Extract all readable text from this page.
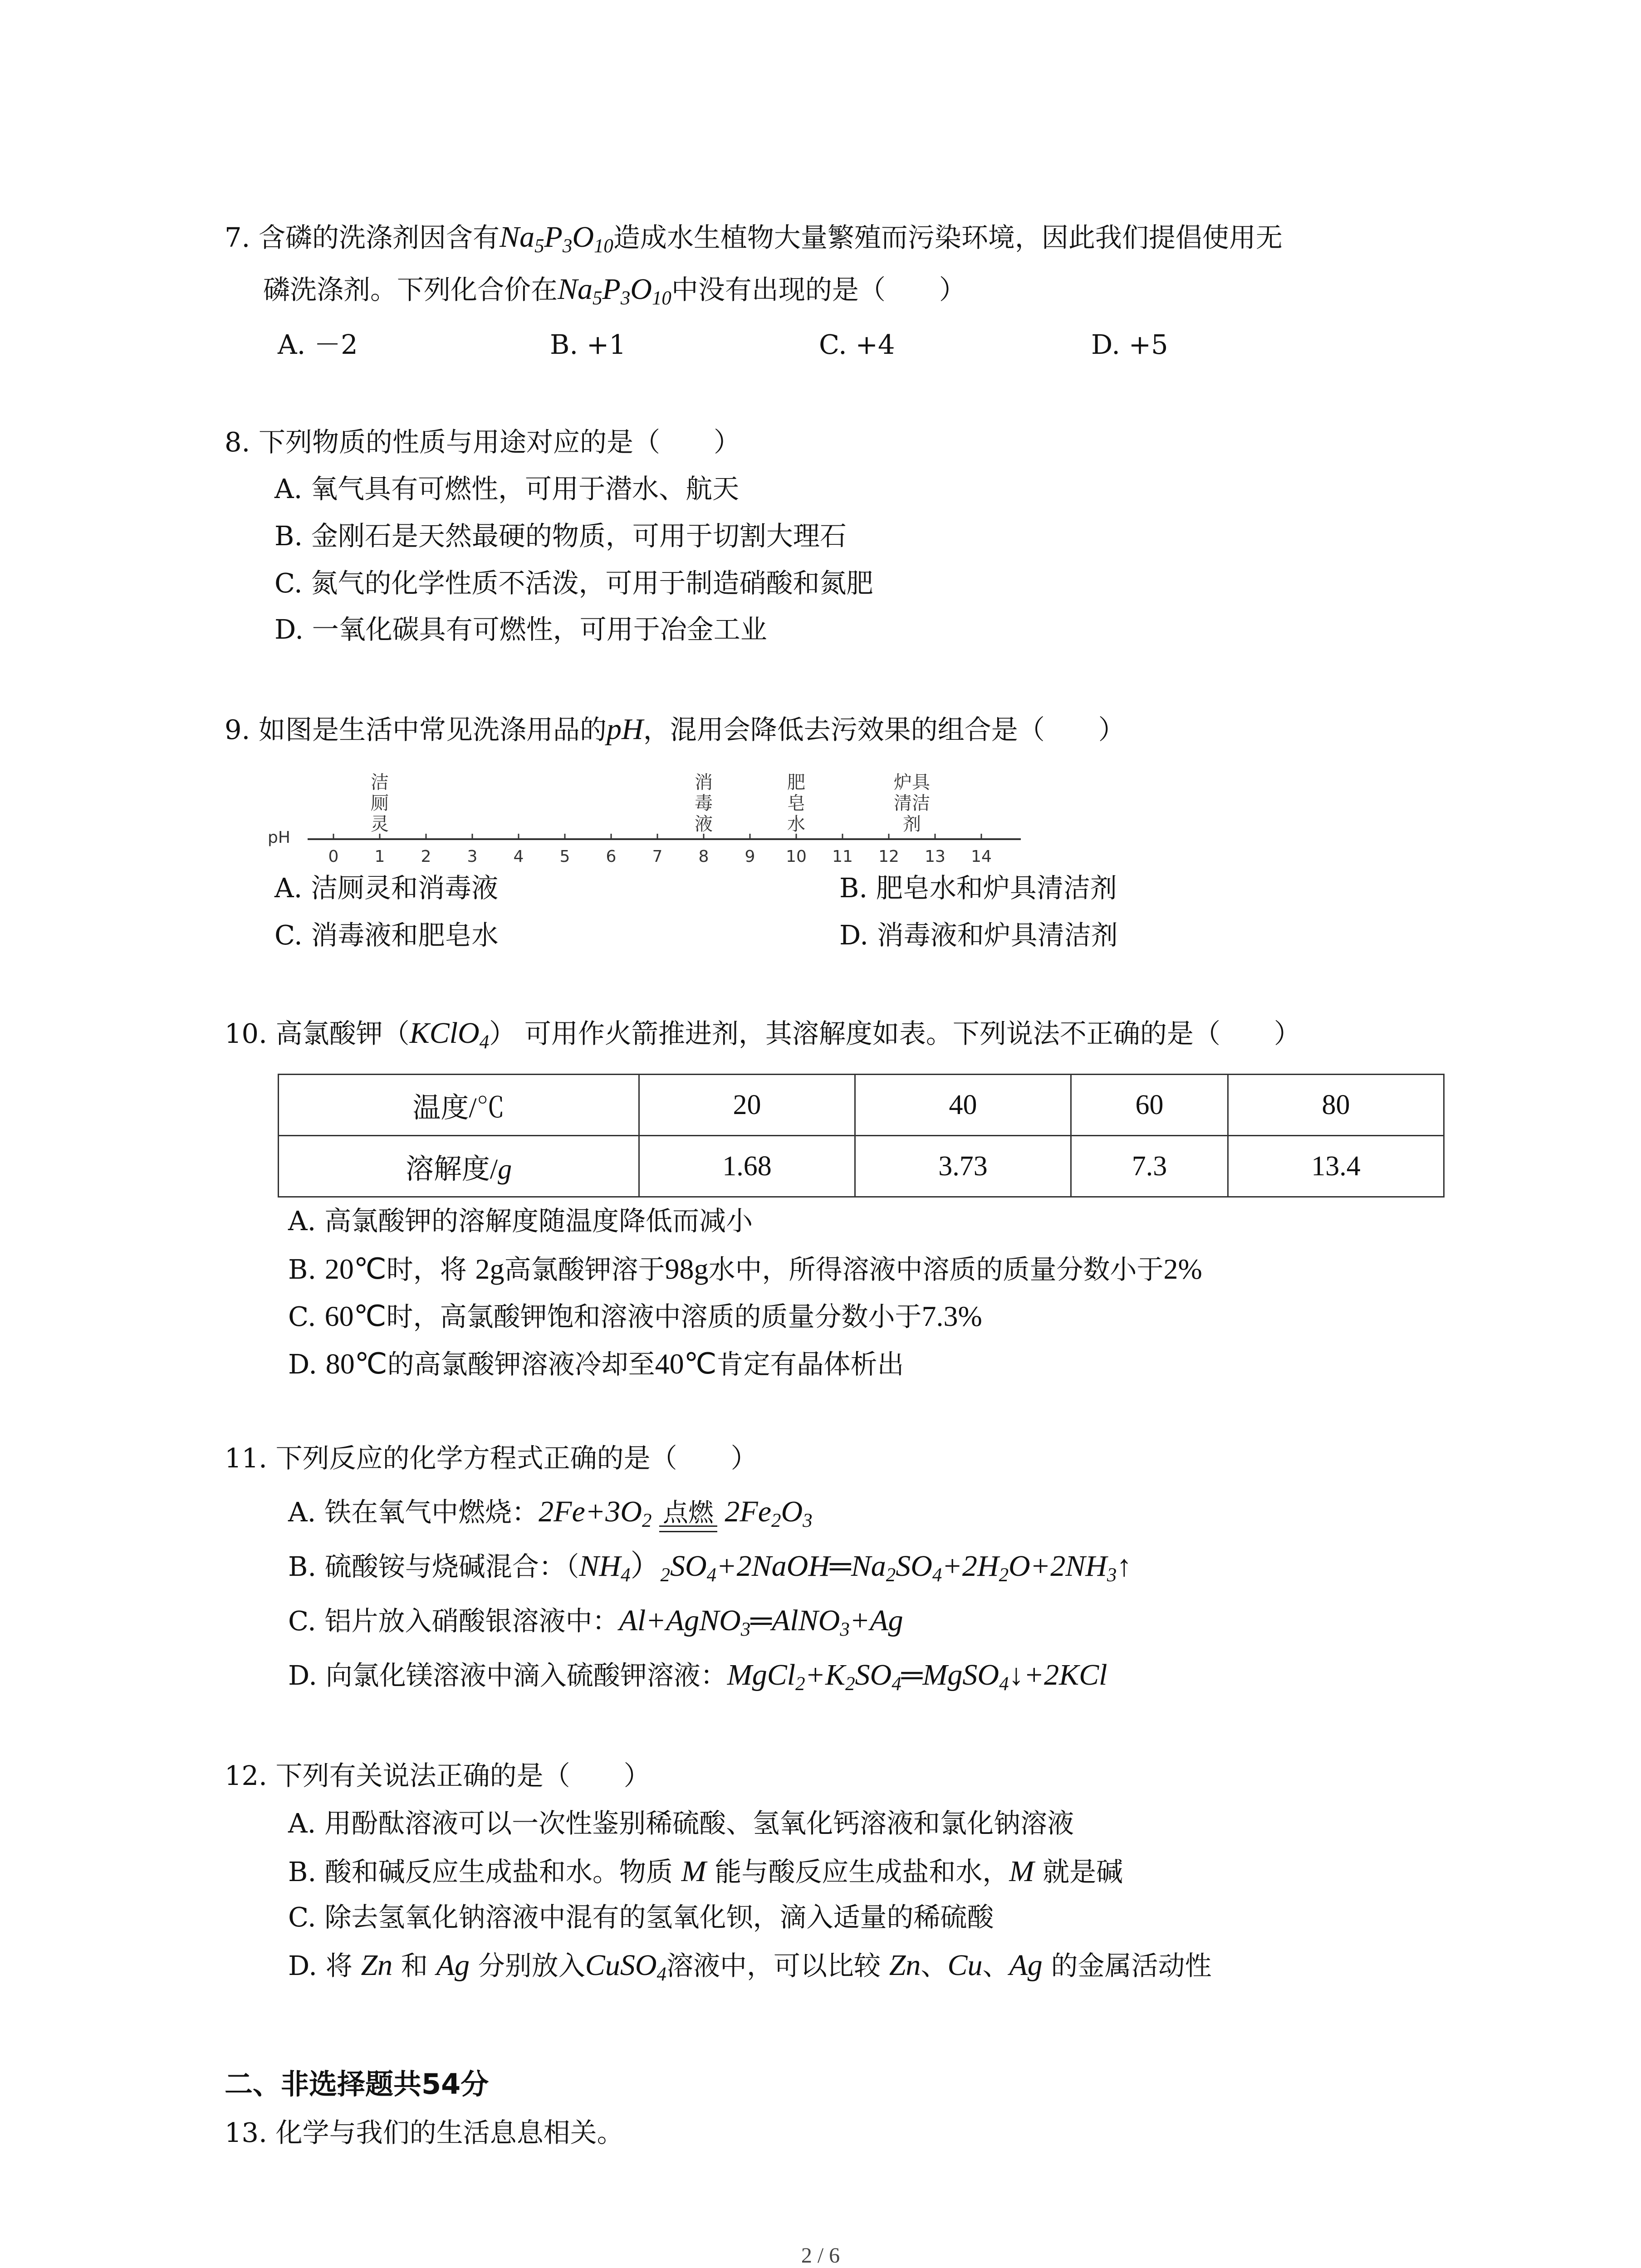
7. 含磷的洗涤剂因含有$Na_5P_3O_{10}$造成水生植物大量繁殖而污染环境，因此我们提倡使用无
磷洗涤剂。下列化合价在$Na_5P_3O_{10}$中没有出现的是（　　）
A. －2	B. +1	C. +4	D. +5
8. 下列物质的性质与用途对应的是（　　）
A. 氧气具有可燃性，可用于潜水、航天
B. 金刚石是天然最硬的物质，可用于切割大理石
C. 氮气的化学性质不活泼，可用于制造硝酸和氮肥
D. 一氧化碳具有可燃性，可用于冶金工业
9. 如图是生活中常见洗涤用品的pH，混用会降低去污效果的组合是（　　）
pH
0 1 2 3 4 5 6 7 8 9 10 11 12 13 14
洁厕灵
消毒液
肥皂水
炉具清洁剂
A. 洁厕灵和消毒液	B. 肥皂水和炉具清洁剂
C. 消毒液和肥皂水	D. 消毒液和炉具清洁剂
10. 高氯酸钾（KClO$_4$） 可用作火箭推进剂，其溶解度如表。下列说法不正确的是（　　）
温度/℃	20	40	60	80
溶解度/g	1.68	3.73	7.3	13.4
A. 高氯酸钾的溶解度随温度降低而减小
B. 20℃时，将 2g高氯酸钾溶于98g水中，所得溶液中溶质的质量分数小于2%
C. 60℃时，高氯酸钾饱和溶液中溶质的质量分数小于7.3%
D. 80℃的高氯酸钾溶液冷却至40℃肯定有晶体析出
11. 下列反应的化学方程式正确的是（　　）
A. 铁在氧气中燃烧：$2Fe+3O_2$ 点燃 $2Fe_2O_3$
B. 硫酸铵与烧碱混合：$(NH_4)_2SO_4+2NaOH═Na_2SO_4+2H_2O+2NH_3↑$
C. 铝片放入硝酸银溶液中：Al+AgNO$_3$═AlNO$_3$+Ag
D. 向氯化镁溶液中滴入硫酸钾溶液：$MgCl_2+K_2SO_4═MgSO_4↓+2KCl$
12. 下列有关说法正确的是（　　）
A. 用酚酞溶液可以一次性鉴别稀硫酸、氢氧化钙溶液和氯化钠溶液
B. 酸和碱反应生成盐和水。物质 M 能与酸反应生成盐和水，M 就是碱
C. 除去氢氧化钠溶液中混有的氢氧化钡，滴入适量的稀硫酸
D. 将 Zn 和 Ag 分别放入CuSO$_4$溶液中，可以比较 Zn、Cu、Ag 的金属活动性
二、非选择题共54分
13. 化学与我们的生活息息相关。
2 / 6
